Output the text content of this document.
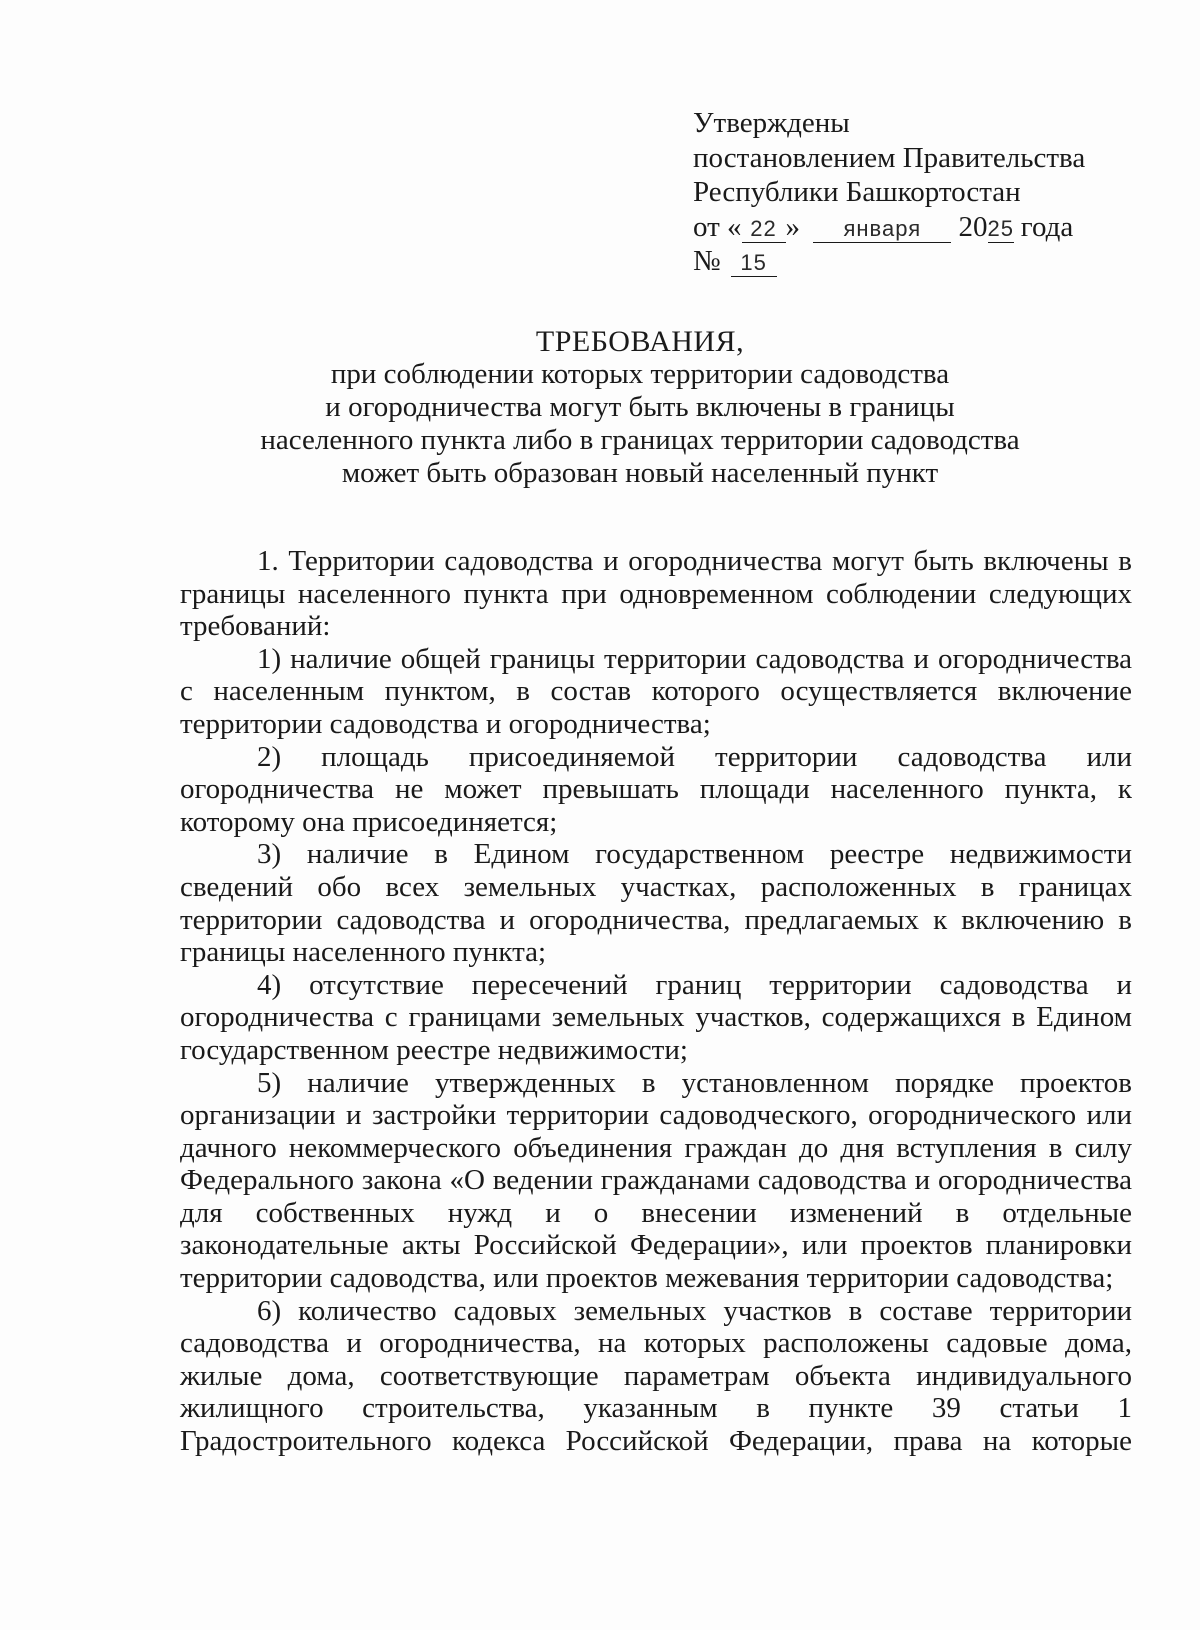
Утверждены
постановлением Правительства
Республики Башкортостан
от « 22 » января 2025 года
№ 15
ТРЕБОВАНИЯ,
при соблюдении которых территории садоводства
и огородничества могут быть включены в границы
населенного пункта либо в границах территории садоводства
может быть образован новый населенный пункт

1. Территории садоводства и огородничества могут быть включены в границы населенного пункта при одновременном соблюдении следующих требований:

1) наличие общей границы территории садоводства и огородничества с населенным пунктом, в состав которого осуществляется включение территории садоводства и огородничества;

2) площадь присоединяемой территории садоводства или огородничества не может превышать площади населенного пункта, к которому она присоединяется;

3) наличие в Едином государственном реестре недвижимости сведений обо всех земельных участках, расположенных в границах территории садоводства и огородничества, предлагаемых к включению в границы населенного пункта;

4) отсутствие пересечений границ территории садоводства и огородничества с границами земельных участков, содержащихся в Едином государственном реестре недвижимости;

5) наличие утвержденных в установленном порядке проектов организации и застройки территории садоводческого, огороднического или дачного некоммерческого объединения граждан до дня вступления в силу Федерального закона «О ведении гражданами садоводства и огородничества для собственных нужд и о внесении изменений в отдельные законодательные акты Российской Федерации», или проектов планировки территории садоводства, или проектов межевания территории садоводства;

6) количество садовых земельных участков в составе территории садоводства и огородничества, на которых расположены садовые дома, жилые дома, соответствующие параметрам объекта индивидуального жилищного строительства, указанным в пункте 39 статьи 1 Градостроительного кодекса Российской Федерации, права на которые
